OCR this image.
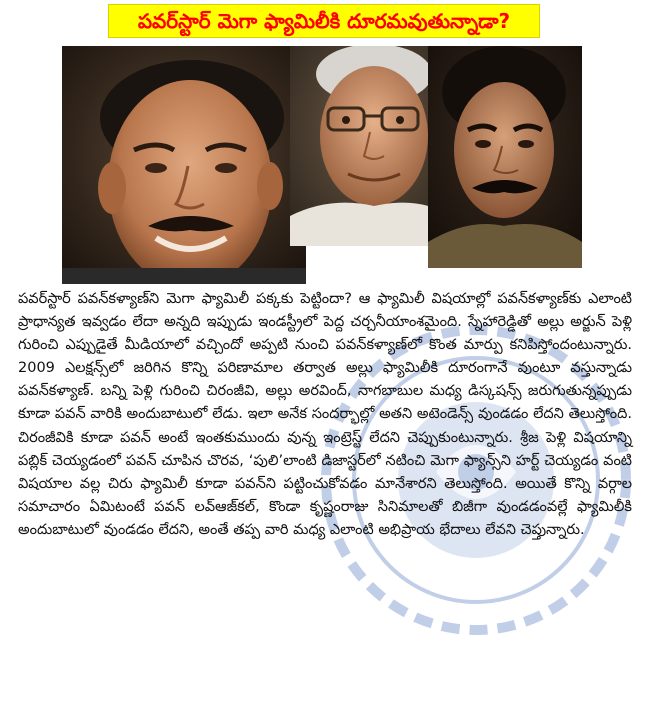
పవర్‌స్టార్ మెగా ఫ్యామిలీకి దూరమవుతున్నాడా?

పవర్‌స్టార్ పవన్‌కళ్యాణ్‌ని మెగా ఫ్యామిలీ పక్కకు పెట్టిందా? ఆ ఫ్యామిలీ విషయాల్లో పవన్‌కళ్యాణ్‌కు ఎలాంటి ప్రాధాన్యత ఇవ్వడం లేదా అన్నది ఇప్పుడు ఇండస్ట్రీలో పెద్ద చర్చనీయాంశమైంది. స్నేహారెడ్డితో అల్లు అర్జున్ పెళ్లి గురించి ఎప్పుడైతే మీడియాలో వచ్చిందో అప్పటి నుంచి పవన్‌కళ్యాణ్‌లో కొంత మార్పు కనిపిస్తోందంటున్నారు. 2009 ఎలక్షన్స్‌లో జరిగిన కొన్ని పరిణామాల తర్వాత అల్లు ఫ్యామిలీకి దూరంగానే వుంటూ వస్తున్నాడు పవన్‌కళ్యాణ్. బన్ని పెళ్లి గురించి చిరంజీవి, అల్లు అరవింద్, నాగబాబుల మధ్య డిస్కషన్స్ జరుగుతున్నప్పుడు కూడా పవన్ వారికి అందుబాటులో లేడు. ఇలా అనేక సందర్భాల్లో అతని అటెండెన్స్ వుండడం లేదని తెలుస్తోంది. చిరంజీవికి కూడా పవన్ అంటే ఇంతకుముందు వున్న ఇంట్రెస్ట్ లేదని చెప్పుకుంటున్నారు. శ్రీజ పెళ్లి విషయాన్ని పబ్లిక్ చెయ్యడంలో పవన్ చూపిన చొరవ, ‘పులి’లాంటి డిజాస్టర్‌లో నటించి మెగా ఫ్యాన్స్‌ని హర్ట్ చెయ్యడం వంటి విషయాల వల్ల చిరు ఫ్యామిలీ కూడా పవన్‌ని పట్టించుకోవడం మానేశారని తెలుస్తోంది. అయితే కొన్ని వర్గాల సమాచారం ఏమిటంటే పవన్ లవ్‌ఆజ్‌కల్, కొండా కృష్ణంరాజు సినిమాలతో బిజీగా వుండడంవల్లే ఫ్యామిలీకి అందుబాటులో వుండడం లేదని, అంతే తప్ప వారి మధ్య ఎలాంటి అభిప్రాయ భేదాలు లేవని చెప్తున్నారు.
